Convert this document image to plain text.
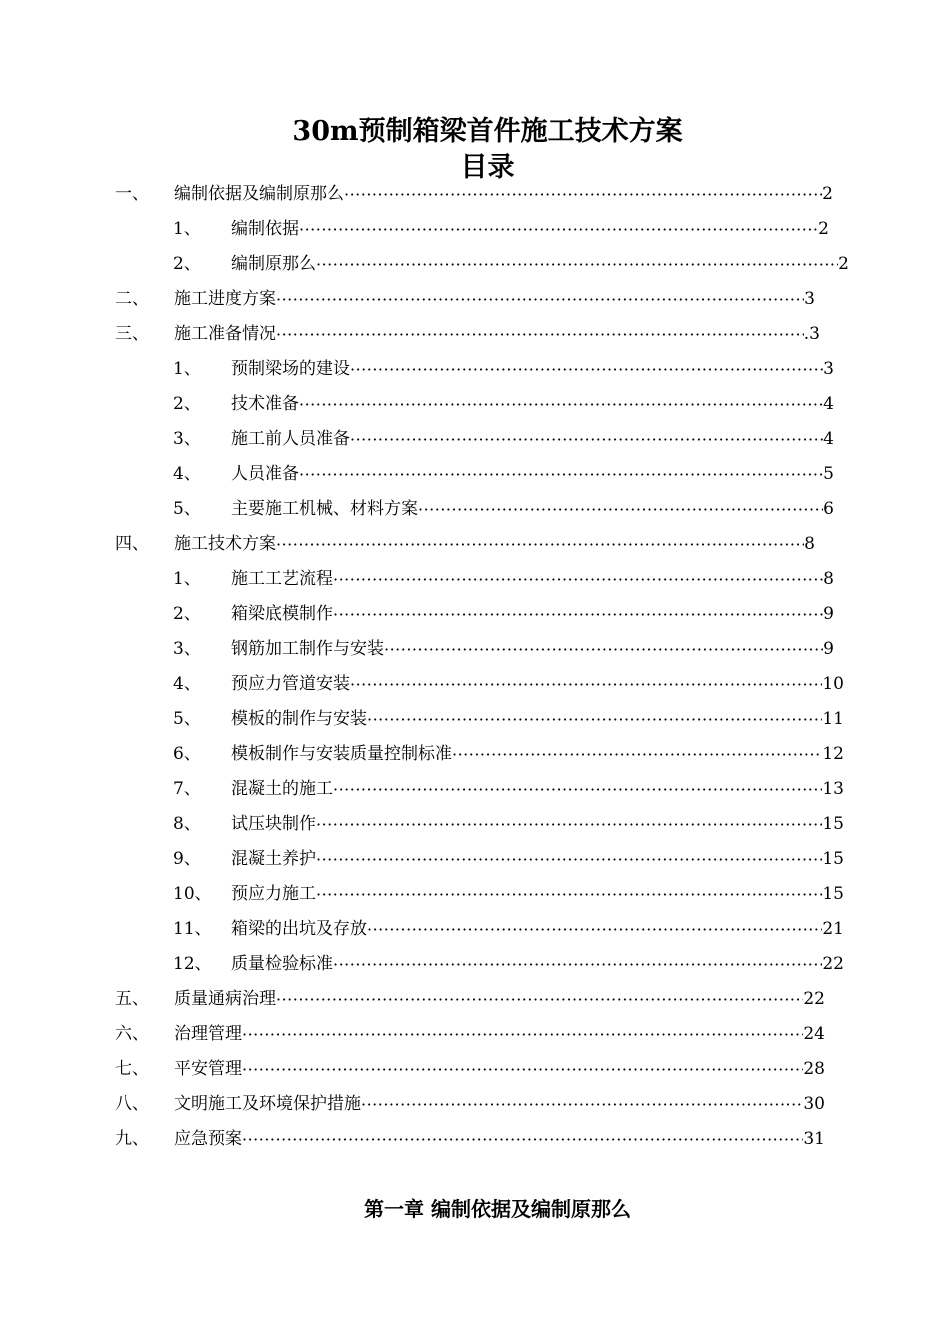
30m预制箱梁首件施工技术方案
目录
一、	编制依据及编制原那么 ·····	2
1、	编制依据 ·····	2
2、	编制原那么 ·····	2
二、	施工进度方案 ·····	3
三、	施工准备情况 ·····	.3
1、	预制梁场的建设 ·····	3
2、	技术准备 ·····	4
3、	施工前人员准备 ·····	4
4、	人员准备 ·····	5
5、	主要施工机械、材料方案 ·····	6
四、	施工技术方案 ·····	8
1、	施工工艺流程 ·····	8
2、	箱梁底模制作 ·····	9
3、	钢筋加工制作与安装 ·····	9
4、	预应力管道安装 ·····	10
5、	模板的制作与安装 ·····	11
6、	模板制作与安装质量控制标准 ·····	12
7、	混凝土的施工 ·····	13
8、	试压块制作 ·····	15
9、	混凝土养护 ·····	15
10、	预应力施工 ·····	15
11、	箱梁的出坑及存放 ·····	21
12、	质量检验标准 ·····	22
五、	质量通病治理 ·····	22
六、	治理管理 ·····	24
七、	平安管理 ·····	28
八、	文明施工及环境保护措施 ·····	30
九、	应急预案 ·····	31
第一章 编制依据及编制原那么
